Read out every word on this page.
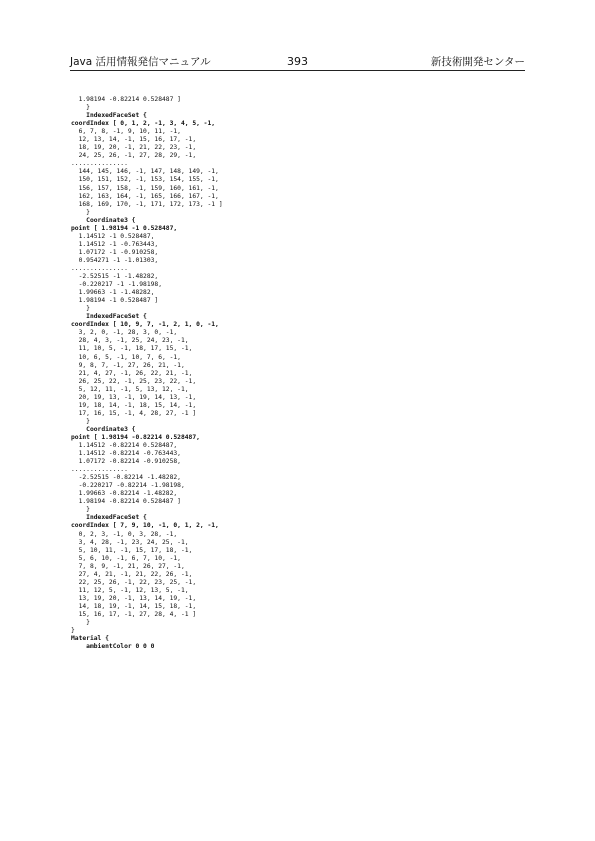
Java 活用情報発信マニュアル	393	新技術開発センター
1.98194 -0.82214 0.528487 ]
}
IndexedFaceSet {
coordIndex [ 0, 1, 2, -1, 3, 4, 5, -1,
6, 7, 8, -1, 9, 10, 11, -1,
12, 13, 14, -1, 15, 16, 17, -1,
18, 19, 20, -1, 21, 22, 23, -1,
24, 25, 26, -1, 27, 28, 29, -1,
...............
144, 145, 146, -1, 147, 148, 149, -1,
150, 151, 152, -1, 153, 154, 155, -1,
156, 157, 158, -1, 159, 160, 161, -1,
162, 163, 164, -1, 165, 166, 167, -1,
168, 169, 170, -1, 171, 172, 173, -1 ]
}
Coordinate3 {
point [ 1.98194 -1 0.528487,
1.14512 -1 0.528487,
1.14512 -1 -0.763443,
1.07172 -1 -0.910258,
0.954271 -1 -1.01303,
...............
-2.52515 -1 -1.48282,
-0.220217 -1 -1.98198,
1.99663 -1 -1.48282,
1.98194 -1 0.528487 ]
}
IndexedFaceSet {
coordIndex [ 10, 9, 7, -1, 2, 1, 0, -1,
3, 2, 0, -1, 28, 3, 0, -1,
28, 4, 3, -1, 25, 24, 23, -1,
11, 10, 5, -1, 18, 17, 15, -1,
10, 6, 5, -1, 10, 7, 6, -1,
9, 8, 7, -1, 27, 26, 21, -1,
21, 4, 27, -1, 26, 22, 21, -1,
26, 25, 22, -1, 25, 23, 22, -1,
5, 12, 11, -1, 5, 13, 12, -1,
20, 19, 13, -1, 19, 14, 13, -1,
19, 18, 14, -1, 18, 15, 14, -1,
17, 16, 15, -1, 4, 28, 27, -1 ]
}
Coordinate3 {
point [ 1.98194 -0.82214 0.528487,
1.14512 -0.82214 0.528487,
1.14512 -0.82214 -0.763443,
1.07172 -0.82214 -0.910258,
...............
-2.52515 -0.82214 -1.48282,
-0.220217 -0.82214 -1.98198,
1.99663 -0.82214 -1.48282,
1.98194 -0.82214 0.528487 ]
}
IndexedFaceSet {
coordIndex [ 7, 9, 10, -1, 0, 1, 2, -1,
0, 2, 3, -1, 0, 3, 28, -1,
3, 4, 28, -1, 23, 24, 25, -1,
5, 10, 11, -1, 15, 17, 18, -1,
5, 6, 10, -1, 6, 7, 10, -1,
7, 8, 9, -1, 21, 26, 27, -1,
27, 4, 21, -1, 21, 22, 26, -1,
22, 25, 26, -1, 22, 23, 25, -1,
11, 12, 5, -1, 12, 13, 5, -1,
13, 19, 20, -1, 13, 14, 19, -1,
14, 18, 19, -1, 14, 15, 18, -1,
15, 16, 17, -1, 27, 28, 4, -1 ]
}
}
Material {
ambientColor 0 0 0
